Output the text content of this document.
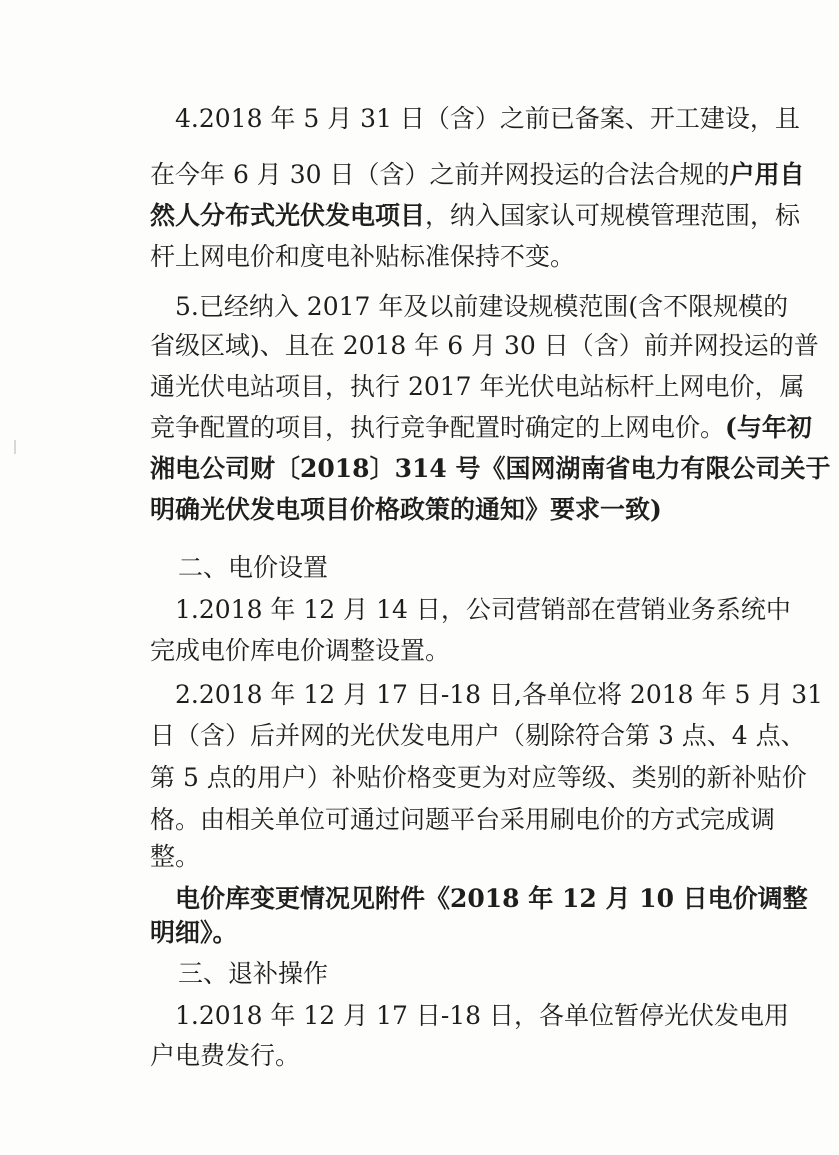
4.2018 年 5 月 31 日（含）之前已备案、开工建设，且
在今年 6 月 30 日（含）之前并网投运的合法合规的户用自
然人分布式光伏发电项目，纳入国家认可规模管理范围，标
杆上网电价和度电补贴标准保持不变。
5.已经纳入 2017 年及以前建设规模范围(含不限规模的
省级区域)、且在 2018 年 6 月 30 日（含）前并网投运的普
通光伏电站项目，执行 2017 年光伏电站标杆上网电价，属
竞争配置的项目，执行竞争配置时确定的上网电价。(与年初
湘电公司财〔2018〕314 号《国网湖南省电力有限公司关于
明确光伏发电项目价格政策的通知》要求一致)
二、电价设置
1.2018 年 12 月 14 日，公司营销部在营销业务系统中
完成电价库电价调整设置。
2.2018 年 12 月 17 日-18 日,各单位将 2018 年 5 月 31
日（含）后并网的光伏发电用户（剔除符合第 3 点、4 点、
第 5 点的用户）补贴价格变更为对应等级、类别的新补贴价
格。由相关单位可通过问题平台采用刷电价的方式完成调
整。
电价库变更情况见附件《2018 年 12 月 10 日电价调整
明细》。
三、退补操作
1.2018 年 12 月 17 日-18 日，各单位暂停光伏发电用
户电费发行。
